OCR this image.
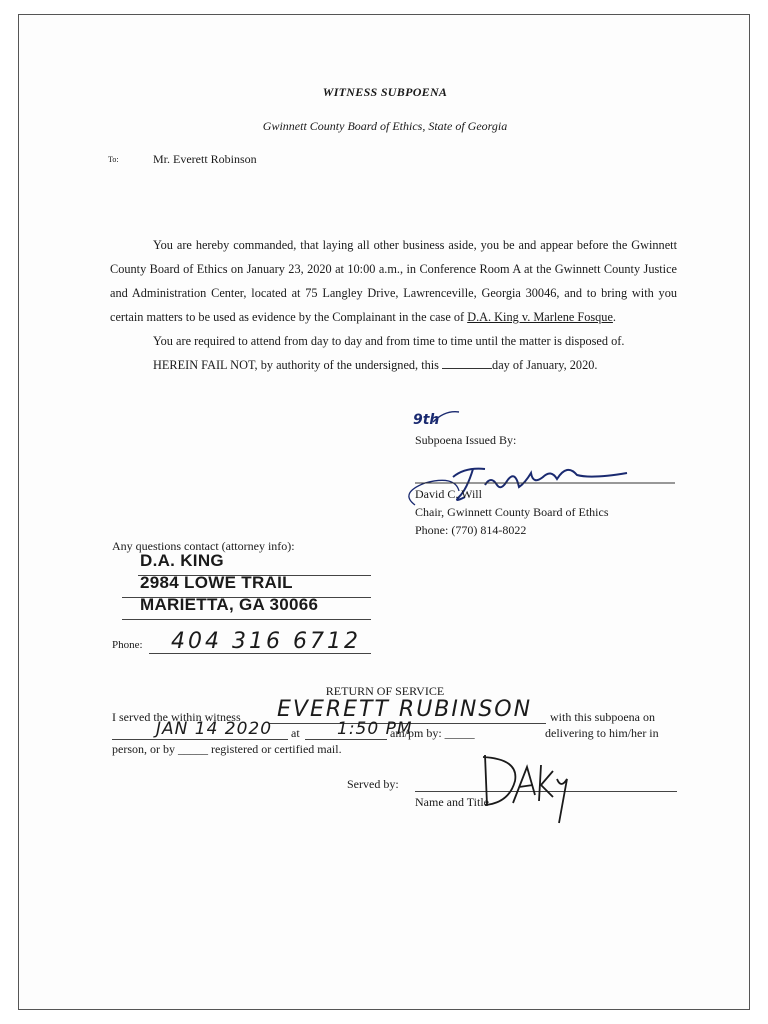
WITNESS SUBPOENA
Gwinnett County Board of Ethics, State of Georgia
To:	Mr. Everett Robinson

You are hereby commanded, that laying all other business aside, you be and appear before the Gwinnett County Board of Ethics on January 23, 2020 at 10:00 a.m., in Conference Room A at the Gwinnett County Justice and Administration Center, located at 75 Langley Drive, Lawrenceville, Georgia 30046, and to bring with you certain matters to be used as evidence by the Complainant in the case of D.A. King v. Marlene Fosque.

You are required to attend from day to day and from time to time until the matter is disposed of.

HEREIN FAIL NOT, by authority of the undersigned, this	day of January, 2020.

9th
Subpoena Issued By:
David C. Will
Chair, Gwinnett County Board of Ethics
Phone: (770) 814-8022
Any questions contact (attorney info):
D.A. KING
2984 LOWE TRAIL
MARIETTA, GA 30066
Phone: 404 316 6712
RETURN OF SERVICE
I served the within witness EVERETT RUBINSON with this subpoena on
JAN 14 2020 at 1:50 PM
am/pm by: _____	delivering to him/her in
person, or by _____ registered or certified mail.
Served by:
Name and Title
